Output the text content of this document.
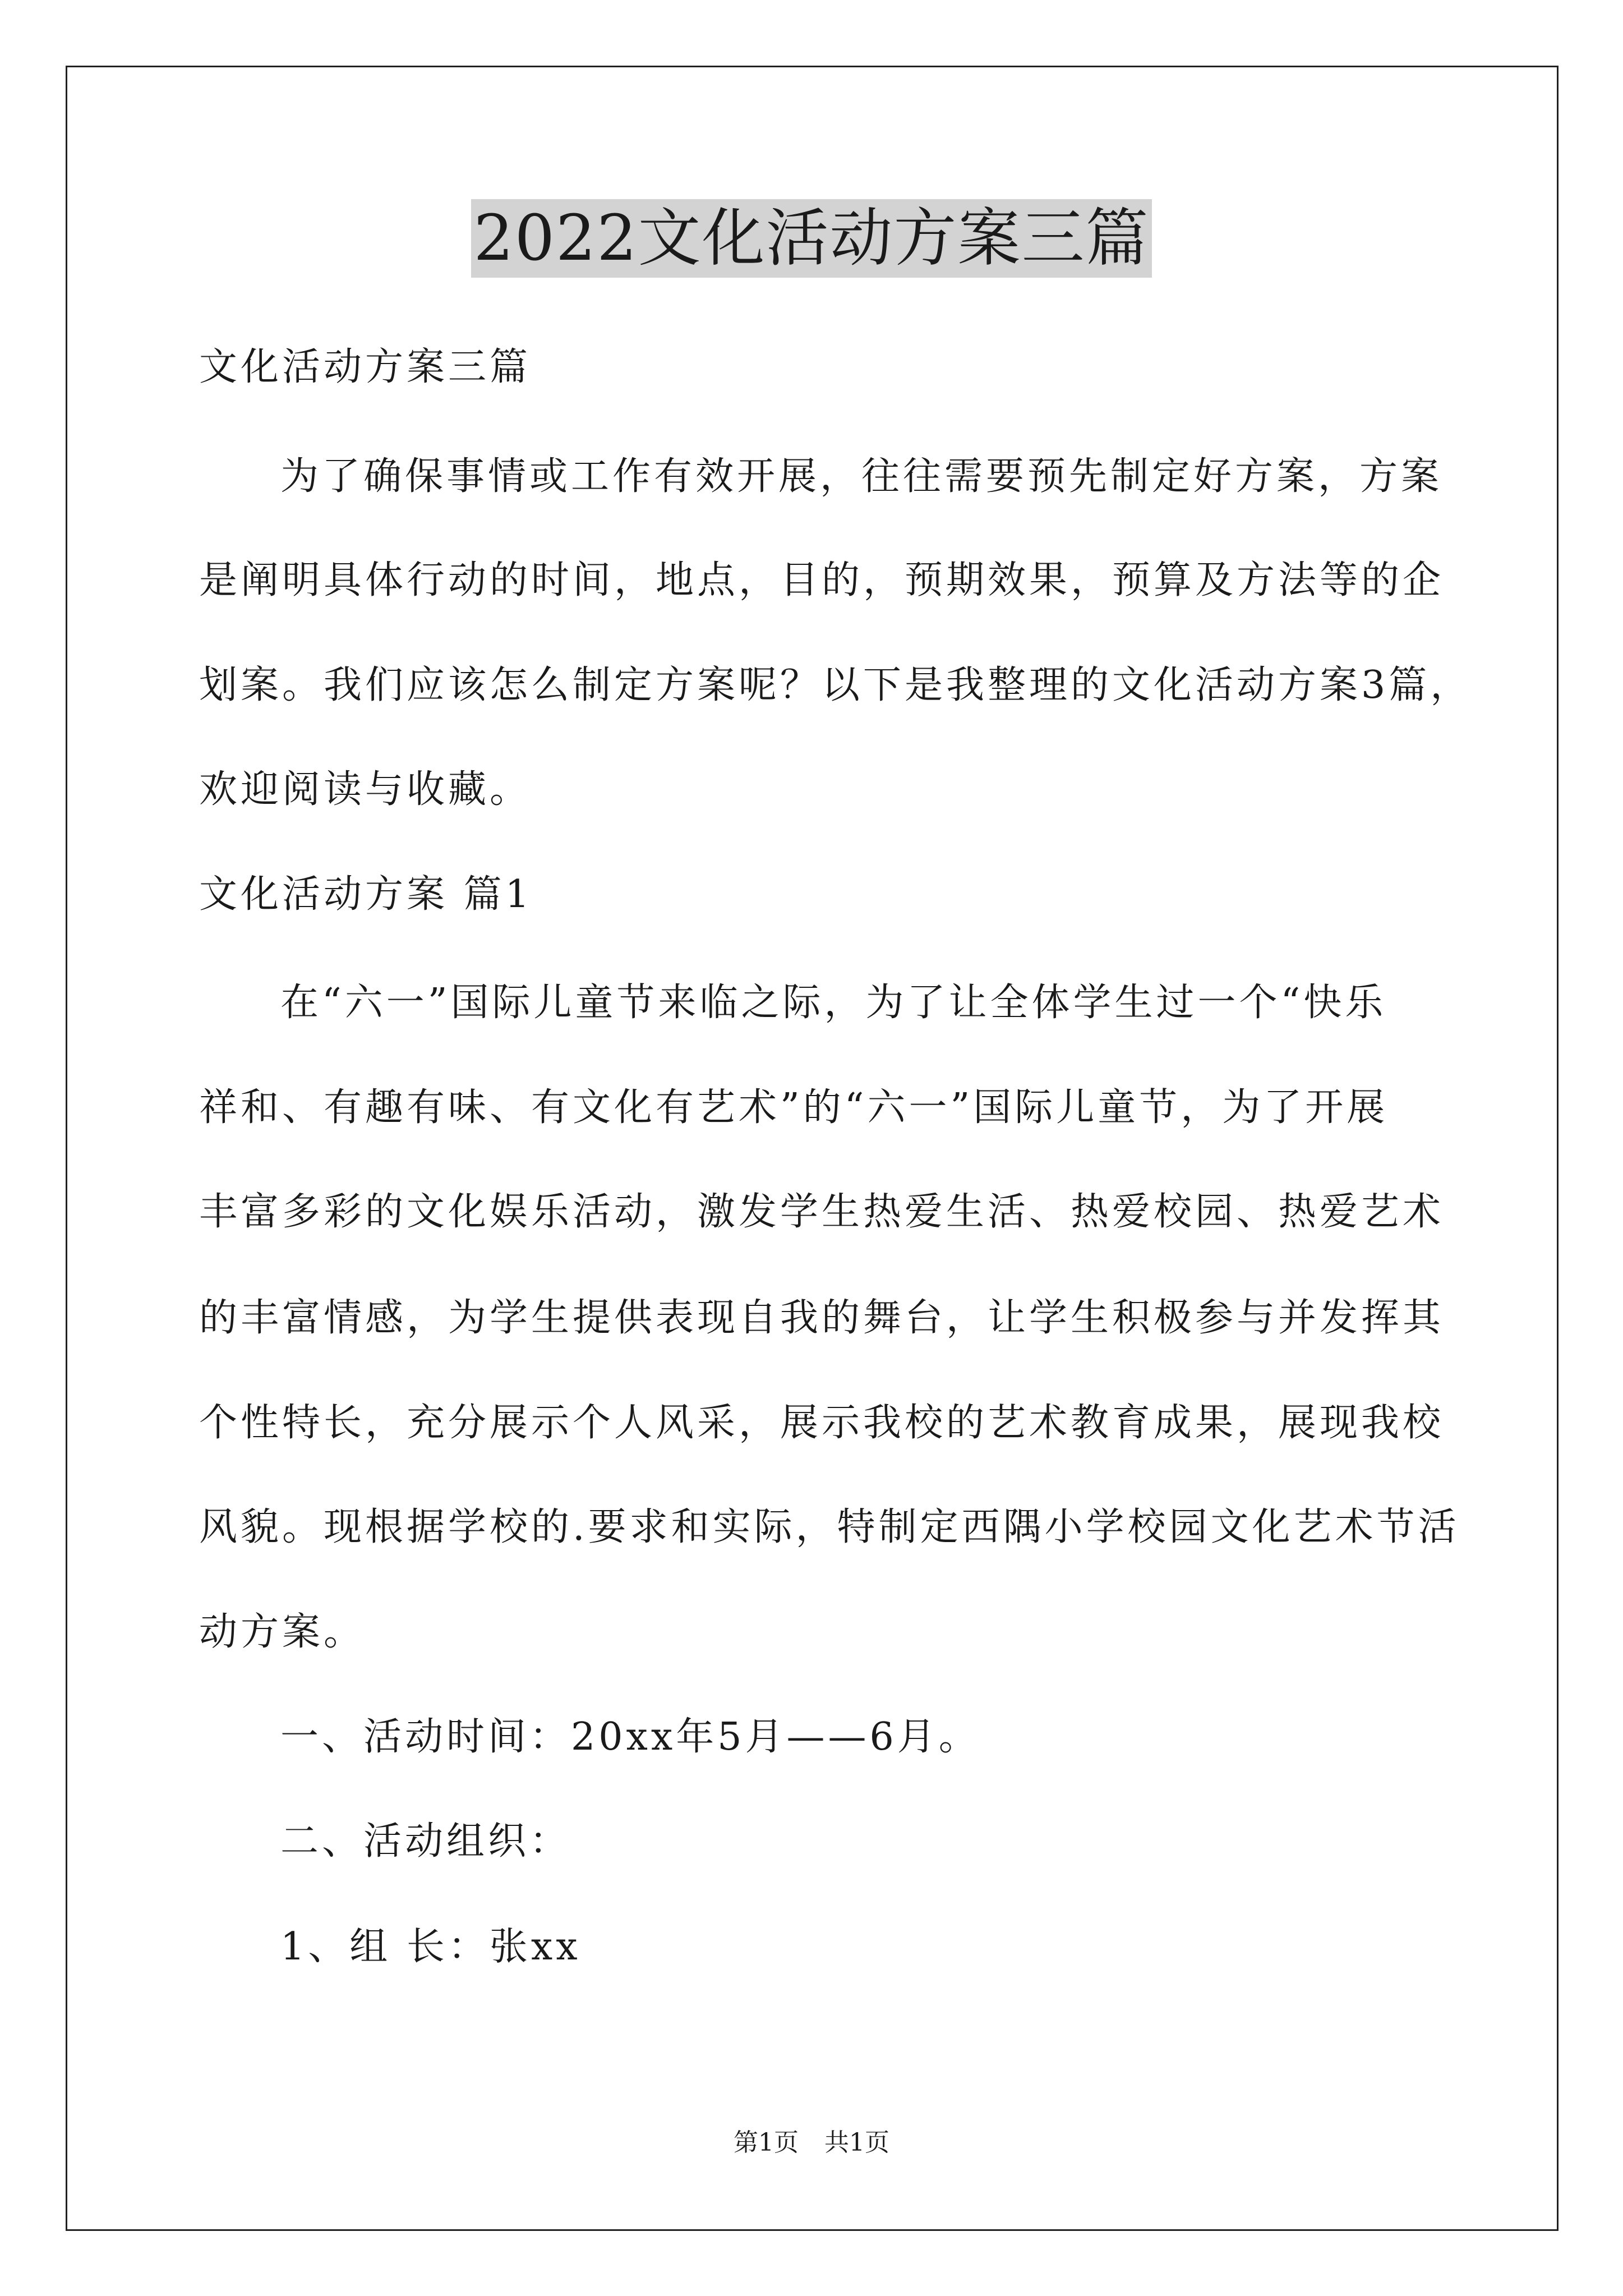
2022文化活动方案三篇
文化活动方案三篇
为了确保事情或工作有效开展，往往需要预先制定好方案，方案
是阐明具体行动的时间，地点，目的，预期效果，预算及方法等的企
划案。我们应该怎么制定方案呢？以下是我整理的文化活动方案3篇，
欢迎阅读与收藏。
文化活动方案 篇1
在“六一”国际儿童节来临之际，为了让全体学生过一个“快乐
祥和、有趣有味、有文化有艺术”的“六一”国际儿童节，为了开展
丰富多彩的文化娱乐活动，激发学生热爱生活、热爱校园、热爱艺术
的丰富情感，为学生提供表现自我的舞台，让学生积极参与并发挥其
个性特长，充分展示个人风采，展示我校的艺术教育成果，展现我校
风貌。现根据学校的.要求和实际，特制定西隅小学校园文化艺术节活
动方案。
一、活动时间：20xx年5月——6月。
二、活动组织：
1、组 长：张xx
第1页 共1页
